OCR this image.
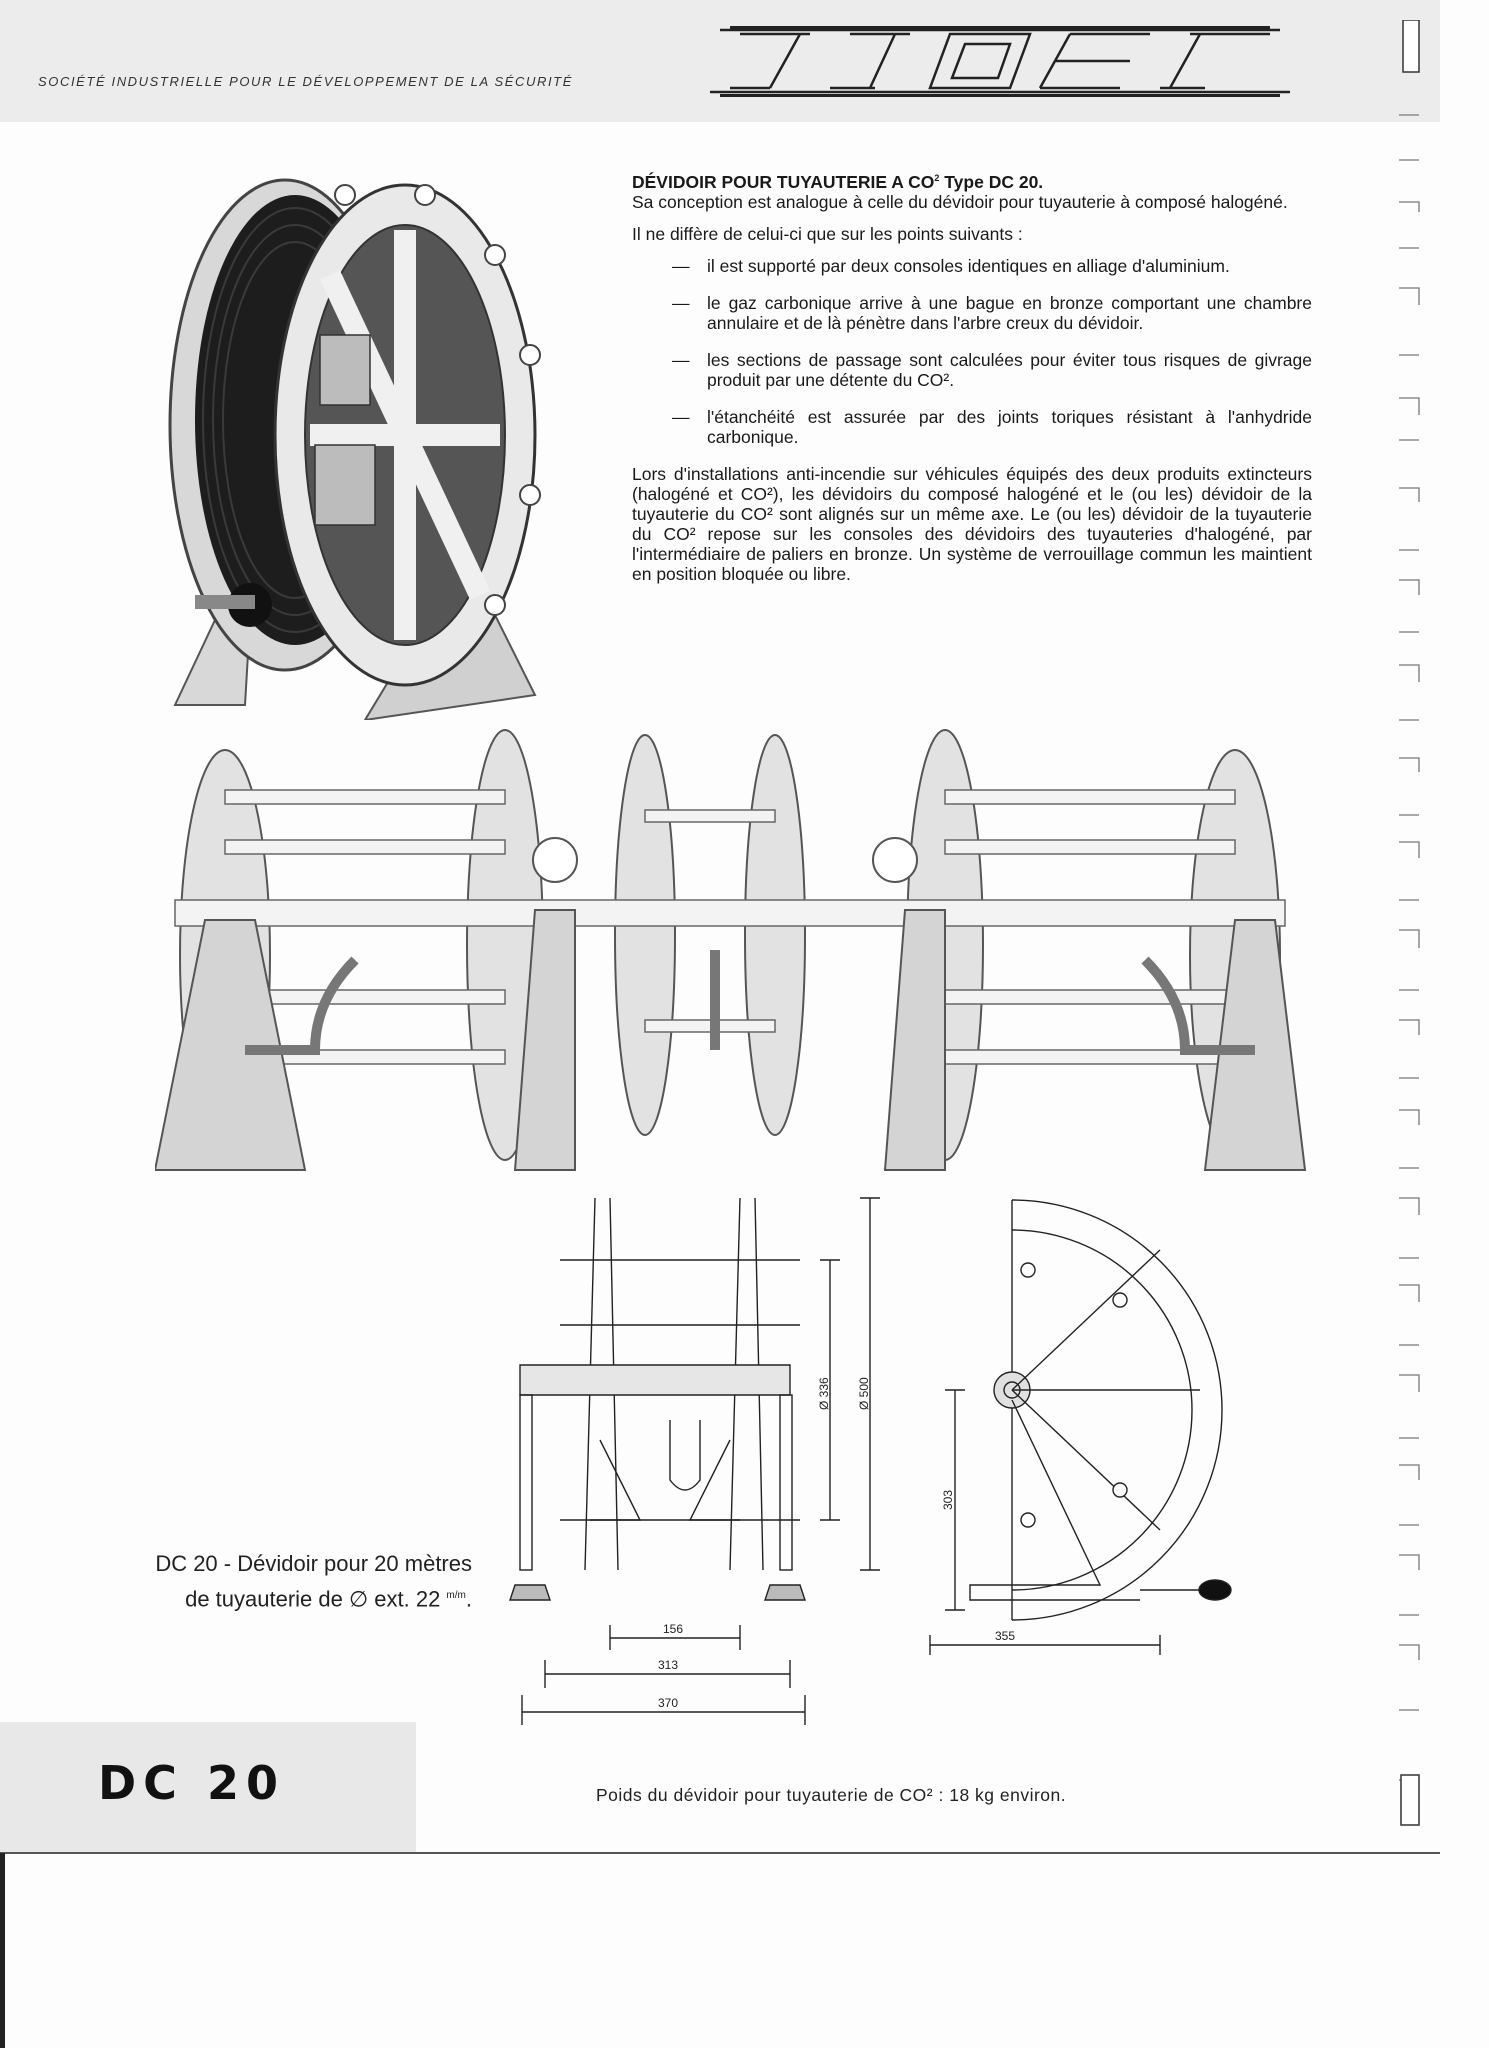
SOCIÉTÉ INDUSTRIELLE POUR LE DÉVELOPPEMENT DE LA SÉCURITÉ

DÉVIDOIR POUR TUYAUTERIE A $CO^2$ Type DC 20.

Sa conception est analogue à celle du dévidoir pour tuyauterie à composé halogéné.

Il ne diffère de celui-ci que sur les points suivants :

— il est supporté par deux consoles identiques en alliage d'aluminium.
— le gaz carbonique arrive à une bague en bronze comportant une chambre annulaire et de là pénètre dans l'arbre creux du dévidoir.
— les sections de passage sont calculées pour éviter tous risques de givrage produit par une détente du CO².
— l'étanchéité est assurée par des joints toriques résistant à l'anhydride carbonique.

Lors d'installations anti-incendie sur véhicules équipés des deux produits extincteurs (halogéné et CO²), les dévidoirs du composé halogéné et le (ou les) dévidoir de la tuyauterie du CO² sont alignés sur un même axe. Le (ou les) dévidoir de la tuyauterie du CO² repose sur les consoles des dévidoirs des tuyauteries d'halogéné, par l'intermédiaire de paliers en bronze. Un système de verrouillage commun les maintient en position bloquée ou libre.

Ø 336 Ø 500
303
156
313
370
355
DC 20 - Dévidoir pour 20 mètres
de tuyauterie de ∅ ext. 22 $^{m/m}$.
DC 20	Poids du dévidoir pour tuyauterie de CO² : 18 kg environ.
